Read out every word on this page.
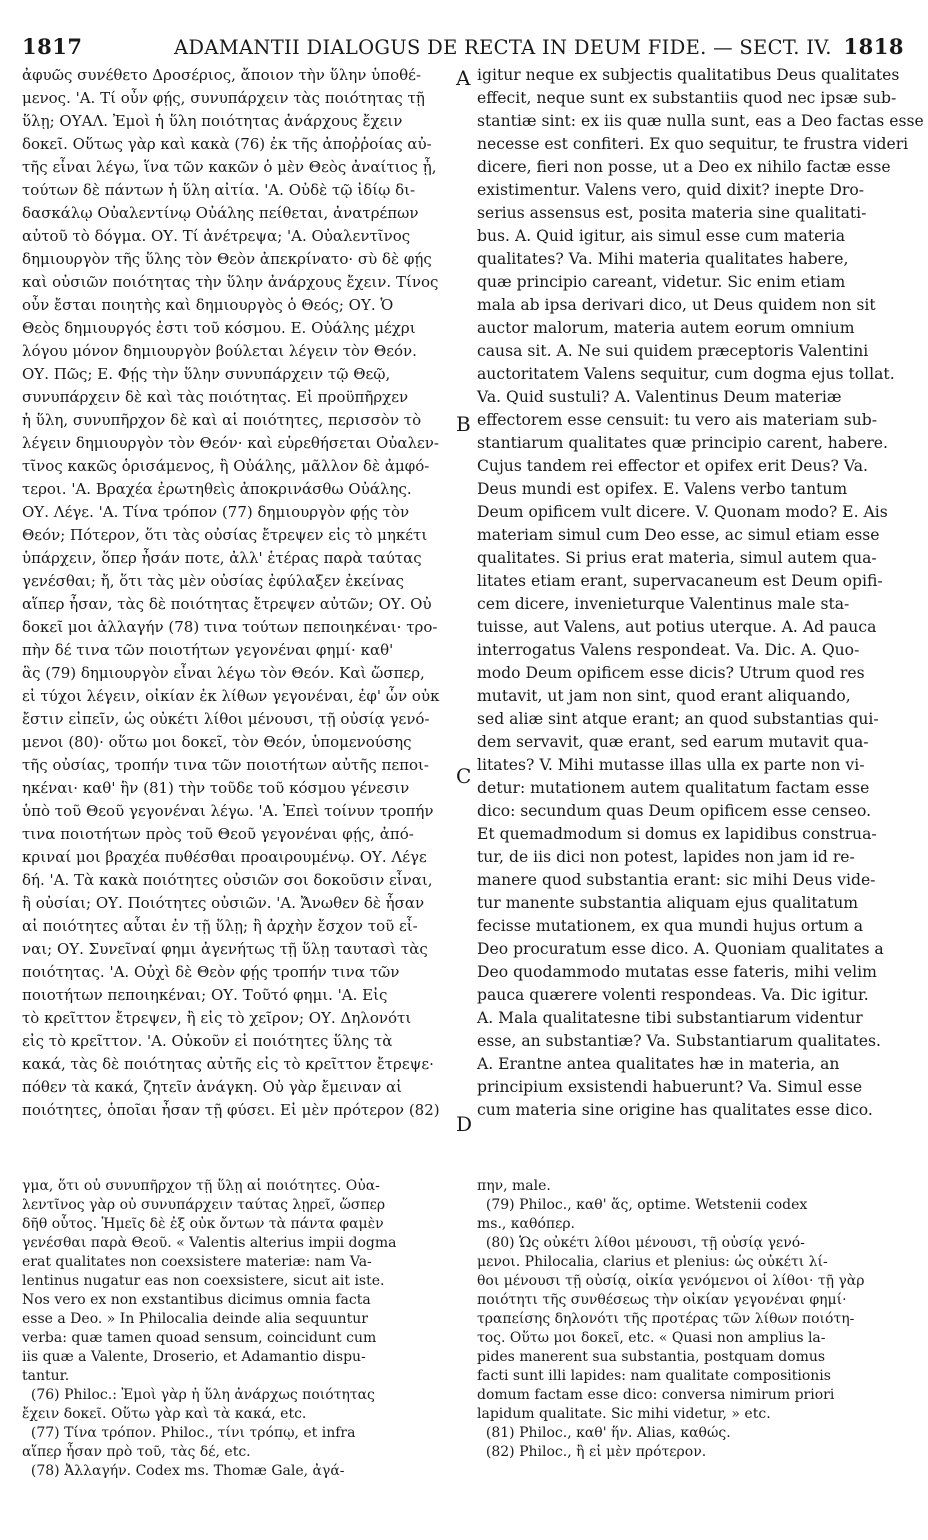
1817	ADAMANTII DIALOGUS DE RECTA IN DEUM FIDE. — SECT. IV. 1818
ἀφυῶς συνέθετο Δροσέριος, ἄποιον τὴν ὕλην ὑποθέ-
μενος. 'Α. Τί οὖν φῄς, συνυπάρχειν τὰς ποιότητας τῇ
ὕλῃ; ΟΥΑΛ. Ἐμοὶ ἡ ὕλη ποιότητας ἀνάρχους ἔχειν
δοκεῖ. Οὕτως γὰρ καὶ κακὰ (76) ἐκ τῆς ἀποῤῥοίας αὐ-
τῆς εἶναι λέγω, ἵνα τῶν κακῶν ὁ μὲν Θεὸς ἀναίτιος ᾖ,
τούτων δὲ πάντων ἡ ὕλη αἰτία. 'Α. Οὐδὲ τῷ ἰδίῳ δι-
δασκάλῳ Οὐαλεντίνῳ Οὐάλης πείθεται, ἀνατρέπων
αὐτοῦ τὸ δόγμα. ΟΥ. Τί ἀνέτρεψα; 'Α. Οὐαλεντῖνος
δημιουργὸν τῆς ὕλης τὸν Θεὸν ἀπεκρίνατο· σὺ δὲ φῄς
καὶ οὐσιῶν ποιότητας τὴν ὕλην ἀνάρχους ἔχειν. Τίνος
οὖν ἔσται ποιητὴς καὶ δημιουργὸς ὁ Θεός; ΟΥ. Ὁ
Θεὸς δημιουργός ἐστι τοῦ κόσμου. Ε. Οὐάλης μέχρι
λόγου μόνον δημιουργὸν βούλεται λέγειν τὸν Θεόν.
ΟΥ. Πῶς; Ε. Φῄς τὴν ὕλην συνυπάρχειν τῷ Θεῷ,
συνυπάρχειν δὲ καὶ τὰς ποιότητας. Εἰ προϋπῆρχεν
ἡ ὕλη, συνυπῆρχον δὲ καὶ αἱ ποιότητες, περισσὸν τὸ
λέγειν δημιουργὸν τὸν Θεόν· καὶ εὑρεθήσεται Οὐαλεν-
τῖνος κακῶς ὁρισάμενος, ἢ Οὐάλης, μᾶλλον δὲ ἀμφό-
τεροι. 'Α. Βραχέα ἐρωτηθεὶς ἀποκρινάσθω Οὐάλης.
ΟΥ. Λέγε. 'Α. Τίνα τρόπον (77) δημιουργὸν φῄς τὸν
Θεόν; Πότερον, ὅτι τὰς οὐσίας ἔτρεψεν εἰς τὸ μηκέτι
ὑπάρχειν, ὅπερ ἦσάν ποτε, ἀλλ' ἑτέρας παρὰ ταύτας
γενέσθαι; ἤ, ὅτι τὰς μὲν οὐσίας ἐφύλαξεν ἐκείνας
αἵπερ ἦσαν, τὰς δὲ ποιότητας ἔτρεψεν αὐτῶν; ΟΥ. Οὐ
δοκεῖ μοι ἀλλαγήν (78) τινα τούτων πεποιηκέναι· τρο-
πὴν δέ τινα τῶν ποιοτήτων γεγονέναι φημί· καθ'
ἃς (79) δημιουργὸν εἶναι λέγω τὸν Θεόν. Καὶ ὥσπερ,
εἰ τύχοι λέγειν, οἰκίαν ἐκ λίθων γεγονέναι, ἐφ' ὧν οὐκ
ἔστιν εἰπεῖν, ὡς οὐκέτι λίθοι μένουσι, τῇ οὐσίᾳ γενό-
μενοι (80)· οὕτω μοι δοκεῖ, τὸν Θεόν, ὑπομενούσης
τῆς οὐσίας, τροπήν τινα τῶν ποιοτήτων αὐτῆς πεποι-
ηκέναι· καθ' ἣν (81) τὴν τοῦδε τοῦ κόσμου γένεσιν
ὑπὸ τοῦ Θεοῦ γεγονέναι λέγω. 'Α. Ἐπεὶ τοίνυν τροπήν
τινα ποιοτήτων πρὸς τοῦ Θεοῦ γεγονέναι φῄς, ἀπό-
κριναί μοι βραχέα πυθέσθαι προαιρουμένῳ. ΟΥ. Λέγε
δή. 'Α. Τὰ κακὰ ποιότητες οὐσιῶν σοι δοκοῦσιν εἶναι,
ἢ οὐσίαι; ΟΥ. Ποιότητες οὐσιῶν. 'Α. Ἄνωθεν δὲ ἦσαν
αἱ ποιότητες αὗται ἐν τῇ ὕλῃ; ἢ ἀρχὴν ἔσχον τοῦ εἶ-
ναι; ΟΥ. Συνεῖναί φημι ἀγενήτως τῇ ὕλῃ ταυτασὶ τὰς
ποιότητας. 'Α. Οὐχὶ δὲ Θεὸν φῄς τροπήν τινα τῶν
ποιοτήτων πεποιηκέναι; ΟΥ. Τοῦτό φημι. 'Α. Εἰς
τὸ κρεῖττον ἔτρεψεν, ἢ εἰς τὸ χεῖρον; ΟΥ. Δηλονότι
εἰς τὸ κρεῖττον. 'Α. Οὐκοῦν εἰ ποιότητες ὕλης τὰ
κακά, τὰς δὲ ποιότητας αὐτῆς εἰς τὸ κρεῖττον ἔτρεψε·
πόθεν τὰ κακά, ζητεῖν ἀνάγκη. Οὐ γὰρ ἔμειναν αἱ
ποιότητες, ὁποῖαι ἦσαν τῇ φύσει. Εἰ μὲν πρότερον (82)
A
B
C
D
igitur neque ex subjectis qualitatibus Deus qualitates
effecit, neque sunt ex substantiis quod nec ipsæ sub-
stantiæ sint: ex iis quæ nulla sunt, eas a Deo factas esse
necesse est confiteri. Ex quo sequitur, te frustra videri
dicere, fieri non posse, ut a Deo ex nihilo factæ esse
existimentur. Valens vero, quid dixit? inepte Dro-
serius assensus est, posita materia sine qualitati-
bus. A. Quid igitur, ais simul esse cum materia
qualitates? Va. Mihi materia qualitates habere,
quæ principio careant, videtur. Sic enim etiam
mala ab ipsa derivari dico, ut Deus quidem non sit
auctor malorum, materia autem eorum omnium
causa sit. A. Ne sui quidem præceptoris Valentini
auctoritatem Valens sequitur, cum dogma ejus tollat.
Va. Quid sustuli? A. Valentinus Deum materiæ
effectorem esse censuit: tu vero ais materiam sub-
stantiarum qualitates quæ principio carent, habere.
Cujus tandem rei effector et opifex erit Deus? Va.
Deus mundi est opifex. E. Valens verbo tantum
Deum opificem vult dicere. V. Quonam modo? E. Ais
materiam simul cum Deo esse, ac simul etiam esse
qualitates. Si prius erat materia, simul autem qua-
litates etiam erant, supervacaneum est Deum opifi-
cem dicere, invenieturque Valentinus male sta-
tuisse, aut Valens, aut potius uterque. A. Ad pauca
interrogatus Valens respondeat. Va. Dic. A. Quo-
modo Deum opificem esse dicis? Utrum quod res
mutavit, ut jam non sint, quod erant aliquando,
sed aliæ sint atque erant; an quod substantias qui-
dem servavit, quæ erant, sed earum mutavit qua-
litates? V. Mihi mutasse illas ulla ex parte non vi-
detur: mutationem autem qualitatum factam esse
dico: secundum quas Deum opificem esse censeo.
Et quemadmodum si domus ex lapidibus construa-
tur, de iis dici non potest, lapides non jam id re-
manere quod substantia erant: sic mihi Deus vide-
tur manente substantia aliquam ejus qualitatum
fecisse mutationem, ex qua mundi hujus ortum a
Deo procuratum esse dico. A. Quoniam qualitates a
Deo quodammodo mutatas esse fateris, mihi velim
pauca quærere volenti respondeas. Va. Dic igitur.
A. Mala qualitatesne tibi substantiarum videntur
esse, an substantiæ? Va. Substantiarum qualitates.
A. Erantne antea qualitates hæ in materia, an
principium exsistendi habuerunt? Va. Simul esse
cum materia sine origine has qualitates esse dico.
γμα, ὅτι οὐ συνυπῆρχον τῇ ὕλῃ αἱ ποιότητες. Οὐα-
λεντῖνος γὰρ οὐ συνυπάρχειν ταύτας λῃρεῖ, ὥσπερ
δῆθ οὗτος. Ἡμεῖς δὲ ἐξ οὐκ ὄντων τὰ πάντα φαμὲν
γενέσθαι παρὰ Θεοῦ. « Valentis alterius impii dogma
erat qualitates non coexsistere materiæ: nam Va-
lentinus nugatur eas non coexsistere, sicut ait iste.
Nos vero ex non exstantibus dicimus omnia facta
esse a Deo. » In Philocalia deinde alia sequuntur
verba: quæ tamen quoad sensum, coincidunt cum
iis quæ a Valente, Droserio, et Adamantio dispu-
tantur.
(76) Philoc.: Ἐμοὶ γὰρ ἡ ὕλη ἀνάρχως ποιότητας
ἔχειν δοκεῖ. Οὕτω γὰρ καὶ τὰ κακά, etc.
(77) Τίνα τρόπον. Philoc., τίνι τρόπῳ, et infra
αἵπερ ἦσαν πρὸ τοῦ, τὰς δέ, etc.
(78) Ἀλλαγήν. Codex ms. Thomæ Gale, ἀγά-
πην, male.
(79) Philoc., καθ' ἅς, optime. Wetstenii codex
ms., καθόπερ.
(80) Ὡς οὐκέτι λίθοι μένουσι, τῇ οὐσίᾳ γενό-
μενοι. Philocalia, clarius et plenius: ὡς οὐκέτι λί-
θοι μένουσι τῇ οὐσίᾳ, οἰκία γενόμενοι οἱ λίθοι· τῇ γὰρ
ποιότητι τῆς συνθέσεως τὴν οἰκίαν γεγονέναι φημί·
τραπείσης δηλονότι τῆς προτέρας τῶν λίθων ποιότη-
τος. Οὕτω μοι δοκεῖ, etc. « Quasi non amplius la-
pides manerent sua substantia, postquam domus
facti sunt illi lapides: nam qualitate compositionis
domum factam esse dico: conversa nimirum priori
lapidum qualitate. Sic mihi videtur, » etc.
(81) Philoc., καθ' ἥν. Alias, καθώς.
(82) Philoc., ἢ εἰ μὲν πρότερον.
